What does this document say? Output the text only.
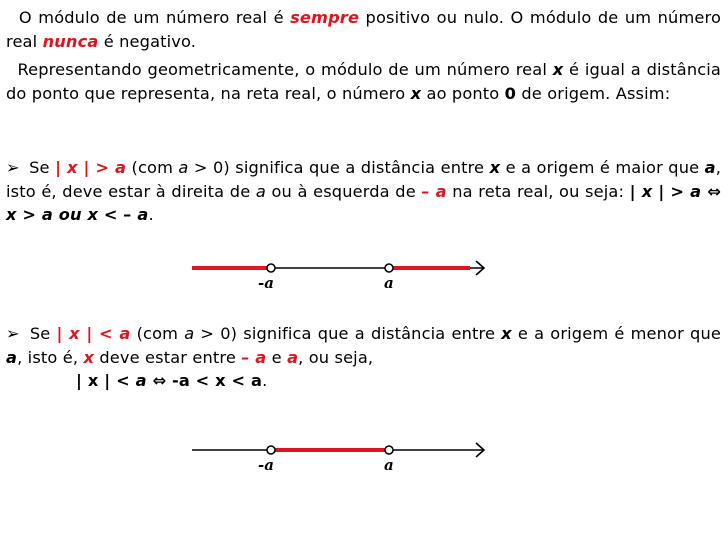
O módulo de um número real é sempre positivo ou nulo. O módulo de um número real nunca é negativo.
Representando geometricamente, o módulo de um número real x é igual a distância do ponto que representa, na reta real, o número x ao ponto 0 de origem. Assim:
➢ Se | x | > a (com a > 0) significa que a distância entre x e a origem é maior que a, isto é, deve estar à direita de a ou à esquerda de – a na reta real, ou seja: | x | > a ⇔ x > a ou x < – a.
➢ Se | x | < a (com a > 0) significa que a distância entre x e a origem é menor que a, isto é, x deve estar entre – a e a, ou seja,
| x | < a ⇔ -a < x < a.
-a	a
-a	a
